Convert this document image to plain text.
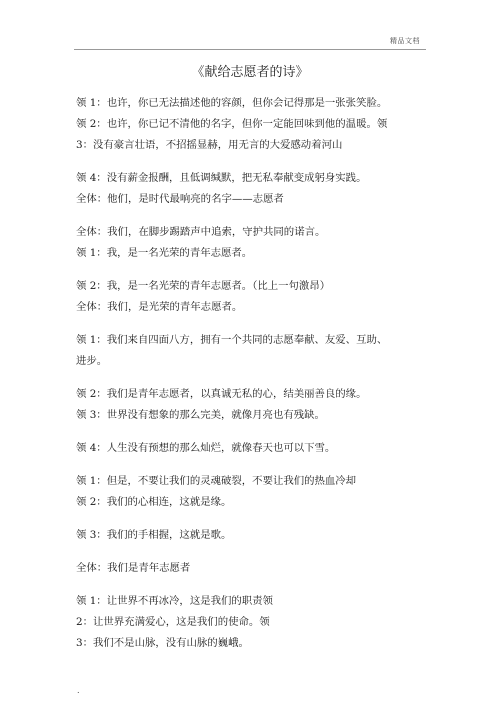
精品文档
《献给志愿者的诗》
领 1：也许，你已无法描述他的容颜，但你会记得那是一张张笑脸。
领 2：也许，你已记不清他的名字，但你一定能回味到他的温暖。领
3：没有豪言壮语，不招摇显赫，用无言的大爱感动着河山
领 4：没有薪金报酬，且低调缄默，把无私奉献变成躬身实践。
全体：他们，是时代最响亮的名字——志愿者
全体：我们，在脚步踢踏声中追索，守护共同的诺言。
领 1：我，是一名光荣的青年志愿者。
领 2：我，是一名光荣的青年志愿者。（比上一句激昂）
全体：我们，是光荣的青年志愿者。
领 1：我们来自四面八方，拥有一个共同的志愿奉献、友爱、互助、
进步。
领 2：我们是青年志愿者，以真诚无私的心，结美丽善良的缘。
领 3：世界没有想象的那么完美，就像月亮也有残缺。
领 4：人生没有预想的那么灿烂，就像春天也可以下雪。
领 1：但是，不要让我们的灵魂破裂，不要让我们的热血冷却
领 2：我们的心相连，这就是缘。
领 3：我们的手相握，这就是歌。
全体：我们是青年志愿者
领 1：让世界不再冰冷，这是我们的职责领
2：让世界充满爱心，这是我们的使命。领
3：我们不是山脉，没有山脉的巍峨。
.
